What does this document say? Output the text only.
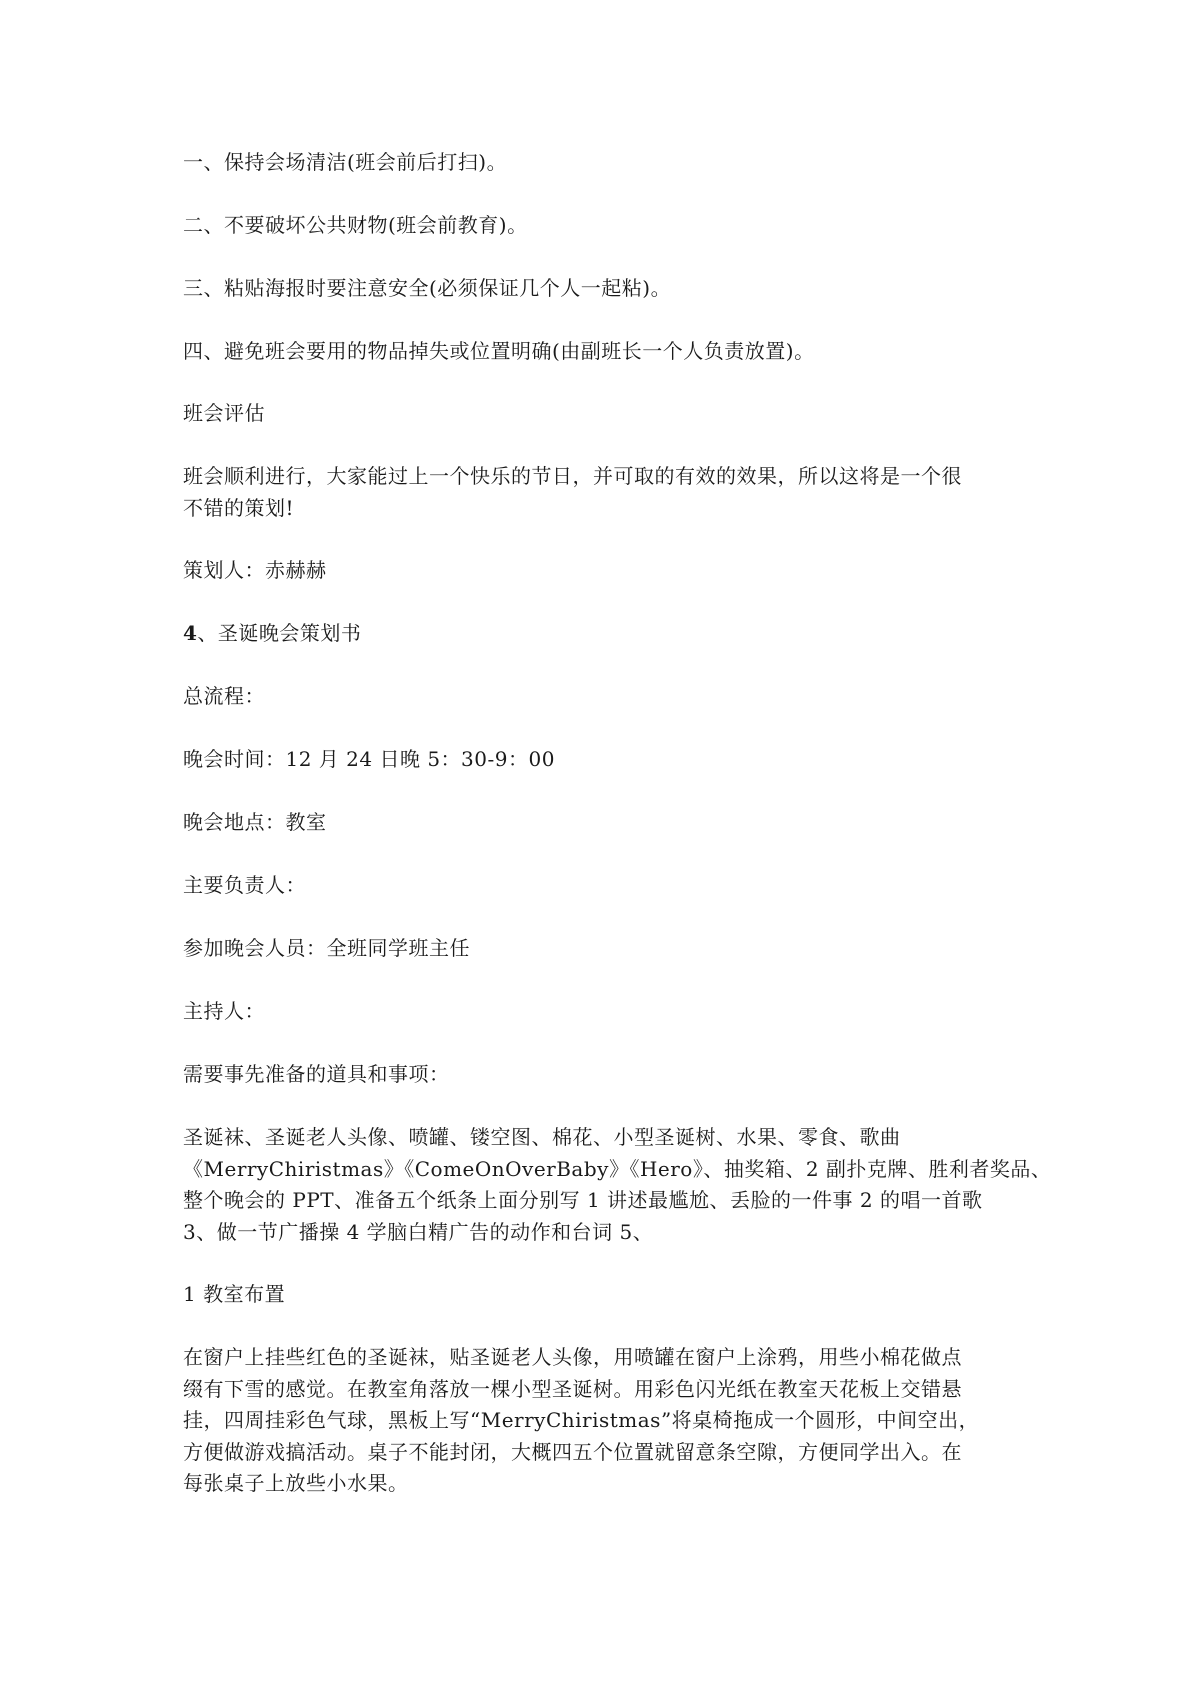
一、保持会场清洁(班会前后打扫)。

二、不要破坏公共财物(班会前教育)。

三、粘贴海报时要注意安全(必须保证几个人一起粘)。

四、避免班会要用的物品掉失或位置明确(由副班长一个人负责放置)。

班会评估

班会顺利进行，大家能过上一个快乐的节日，并可取的有效的效果，所以这将是一个很
不错的策划!

策划人：赤赫赫

4、圣诞晚会策划书

总流程：

晚会时间：12 月 24 日晚 5：30-9：00

晚会地点：教室

主要负责人：

参加晚会人员：全班同学班主任

主持人：

需要事先准备的道具和事项：

圣诞袜、圣诞老人头像、喷罐、镂空图、棉花、小型圣诞树、水果、零食、歌曲
《MerryChiristmas》《ComeOnOverBaby》《Hero》、抽奖箱、2 副扑克牌、胜利者奖品、
整个晚会的 PPT、准备五个纸条上面分别写 1 讲述最尴尬、丢脸的一件事 2 的唱一首歌
3、做一节广播操 4 学脑白精广告的动作和台词 5、

1 教室布置

在窗户上挂些红色的圣诞袜，贴圣诞老人头像，用喷罐在窗户上涂鸦，用些小棉花做点
缀有下雪的感觉。在教室角落放一棵小型圣诞树。用彩色闪光纸在教室天花板上交错悬
挂，四周挂彩色气球，黑板上写“MerryChiristmas”将桌椅拖成一个圆形，中间空出，
方便做游戏搞活动。桌子不能封闭，大概四五个位置就留意条空隙，方便同学出入。在
每张桌子上放些小水果。
